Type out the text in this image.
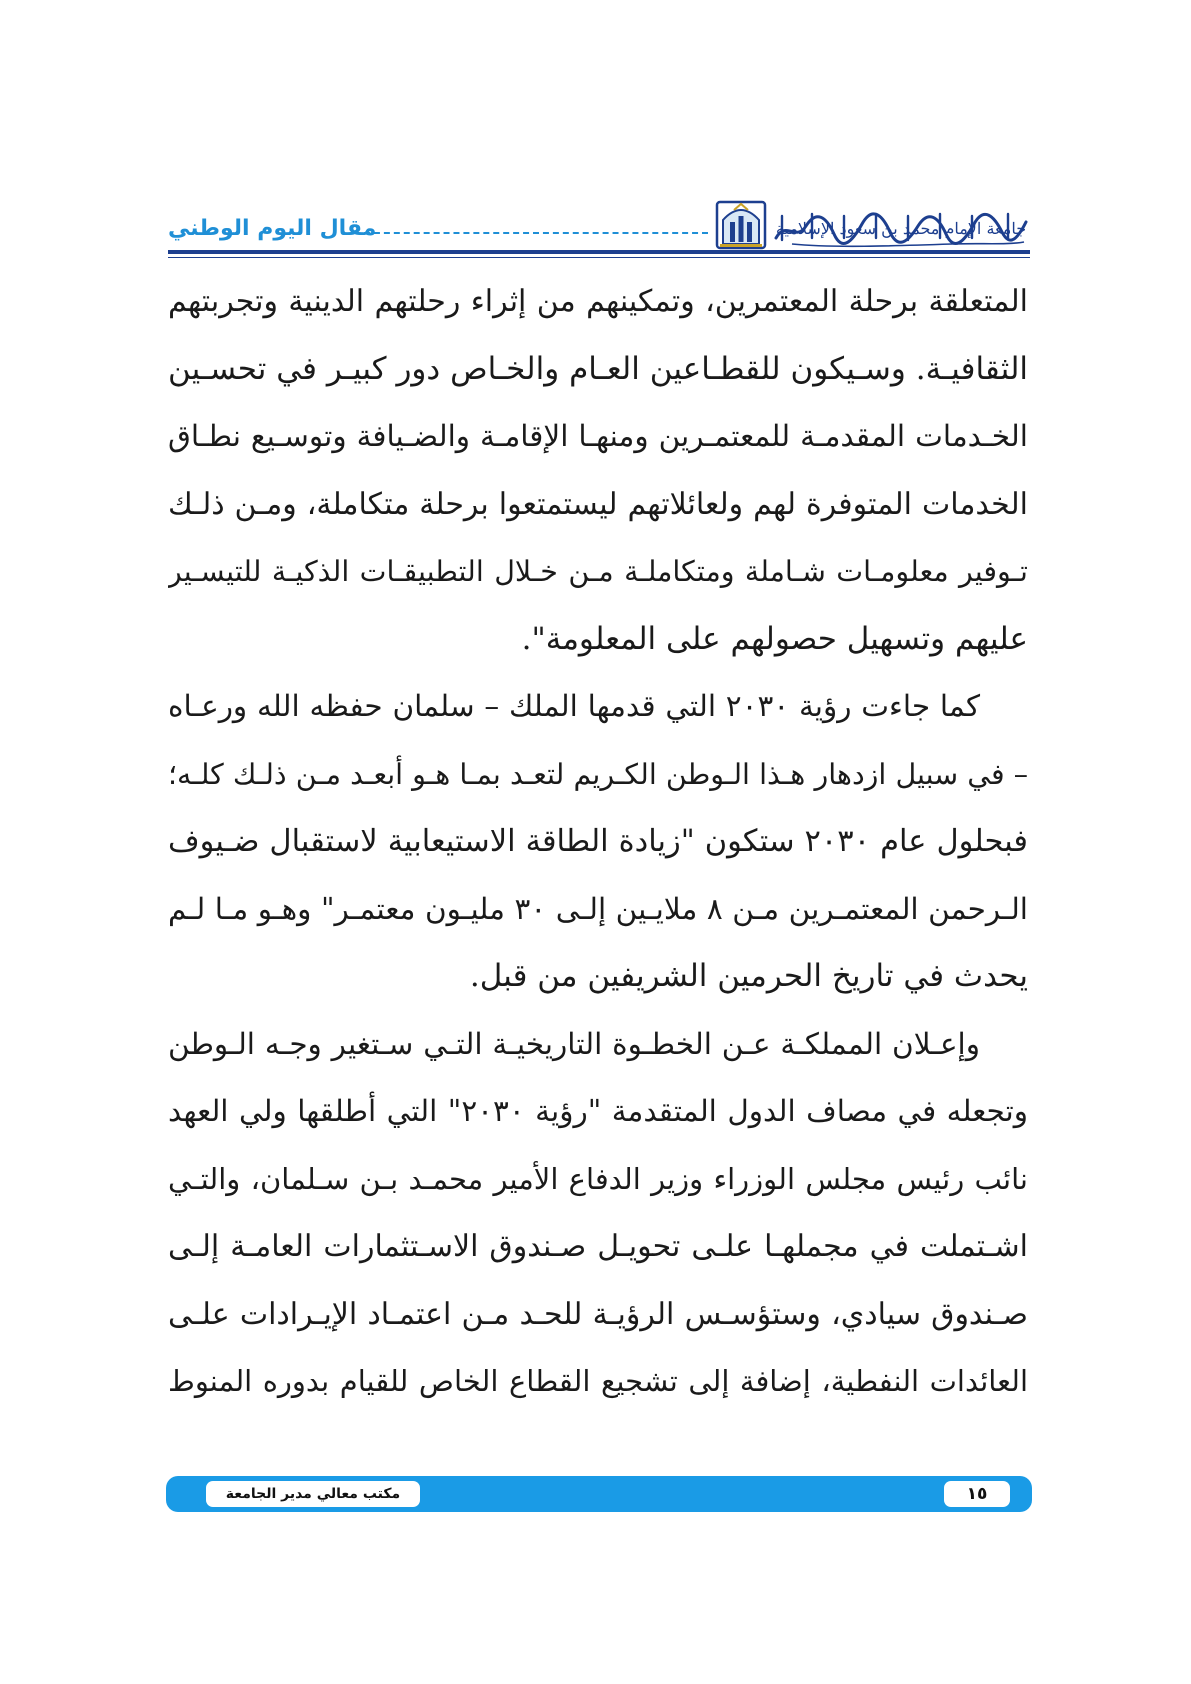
مقال اليوم الوطني	جامعة الإمام محمد بن سعود الإسلامية
المتعلقة برحلة المعتمرين، وتمكينهم من إثراء رحلتهم الدينية وتجربتهم
الثقافيـة. وسـيكون للقطـاعين العـام والخـاص دور كبيـر في تحسـين
الخـدمات المقدمـة للمعتمـرين ومنهـا الإقامـة والضـيافة وتوسـيع نطـاق
الخدمات المتوفرة لهم ولعائلاتهم ليستمتعوا برحلة متكاملة، ومـن ذلـك
تـوفير معلومـات شـاملة ومتكاملـة مـن خـلال التطبيقـات الذكيـة للتيسـير
عليهم وتسهيل حصولهم على المعلومة".
كما جاءت رؤية ٢٠٣٠ التي قدمها الملك – سلمان حفظه الله ورعـاه
– في سبيل ازدهار هـذا الـوطن الكـريم لتعـد بمـا هـو أبعـد مـن ذلـك كلـه؛
فبحلول عام ٢٠٣٠ ستكون "زيادة الطاقة الاستيعابية لاستقبال ضـيوف
الـرحمن المعتمـرين مـن ٨ ملايـين إلـى ٣٠ مليـون معتمـر" وهـو مـا لـم
يحدث في تاريخ الحرمين الشريفين من قبل.
وإعـلان المملكـة عـن الخطـوة التاريخيـة التـي سـتغير وجـه الـوطن
وتجعله في مصاف الدول المتقدمة "رؤية ٢٠٣٠" التي أطلقها ولي العهد
نائب رئيس مجلس الوزراء وزير الدفاع الأمير محمـد بـن سـلمان، والتـي
اشـتملت في مجملهـا علـى تحويـل صـندوق الاسـتثمارات العامـة إلـى
صـندوق سيادي، وستؤسـس الرؤيـة للحـد مـن اعتمـاد الإيـرادات علـى
العائدات النفطية، إضافة إلى تشجيع القطاع الخاص للقيام بدوره المنوط
مكتب معالي مدير الجامعة	١٥
